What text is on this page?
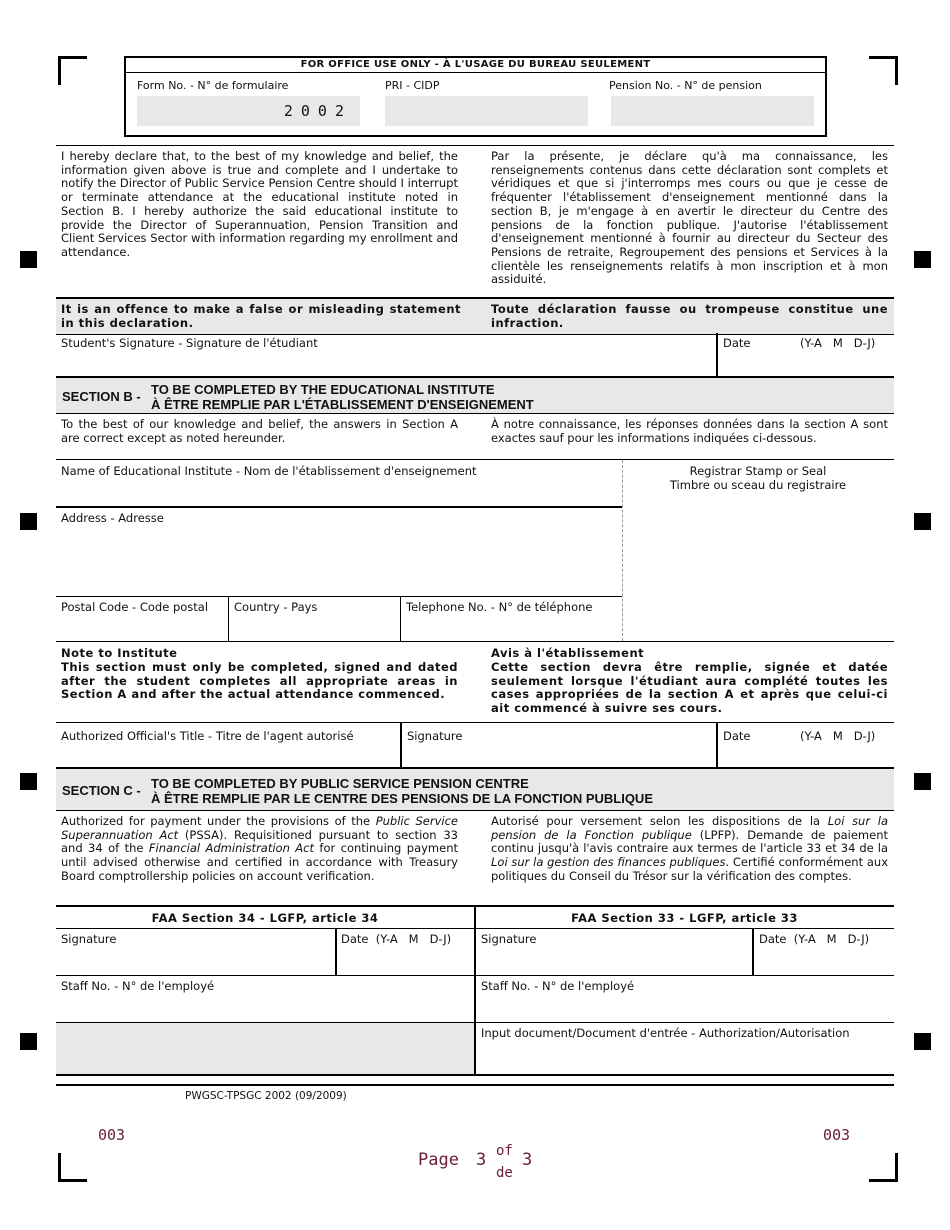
FOR OFFICE USE ONLY - À L'USAGE DU BUREAU SEULEMENT
Form No. - N° de formulaire	PRI - CIDP	Pension No. - N° de pension
2002
I hereby declare that, to the best of my knowledge and belief, the information given above is true and complete and I undertake to notify the Director of Public Service Pension Centre should I interrupt or terminate attendance at the educational institute noted in Section B. I hereby authorize the said educational institute to provide the Director of Superannuation, Pension Transition and Client Services Sector with information regarding my enrollment and attendance.
Par la présente, je déclare qu'à ma connaissance, les renseignements contenus dans cette déclaration sont complets et véridiques et que si j'interromps mes cours ou que je cesse de fréquenter l'établissement d'enseignement mentionné dans la section B, je m'engage à en avertir le directeur du Centre des pensions de la fonction publique. J'autorise l'établissement d'enseignement mentionné à fournir au directeur du Secteur des Pensions de retraite, Regroupement des pensions et Services à la clientèle les renseignements relatifs à mon inscription et à mon assiduité.
It is an offence to make a false or misleading statement in this declaration.
Toute déclaration fausse ou trompeuse constitue une infraction.
Student's Signature - Signature de l'étudiant	Date	(Y-A   M   D-J)
SECTION B - TO BE COMPLETED BY THE EDUCATIONAL INSTITUTE
À ÊTRE REMPLIE PAR L'ÉTABLISSEMENT D'ENSEIGNEMENT
To the best of our knowledge and belief, the answers in Section A are correct except as noted hereunder.
À notre connaissance, les réponses données dans la section A sont exactes sauf pour les informations indiquées ci-dessous.
Name of Educational Institute - Nom de l'établissement d'enseignement	Registrar Stamp or Seal
Timbre ou sceau du registraire
Address - Adresse
Postal Code - Code postal Country - Pays	Telephone No. - N° de téléphone
Note to Institute
This section must only be completed, signed and dated after the student completes all appropriate areas in Section A and after the actual attendance commenced.
Avis à l'établissement
Cette section devra être remplie, signée et datée seulement lorsque l'étudiant aura complété toutes les cases appropriées de la section A et après que celui-ci ait commencé à suivre ses cours.
Authorized Official's Title - Titre de l'agent autorisé	Signature	Date	(Y-A   M   D-J)
SECTION C - TO BE COMPLETED BY PUBLIC SERVICE PENSION CENTRE
À ÊTRE REMPLIE PAR LE CENTRE DES PENSIONS DE LA FONCTION PUBLIQUE
Authorized for payment under the provisions of the Public Service Superannuation Act (PSSA). Requisitioned pursuant to section 33 and 34 of the Financial Administration Act for continuing payment until advised otherwise and certified in accordance with Treasury Board comptrollership policies on account verification.
Autorisé pour versement selon les dispositions de la Loi sur la pension de la Fonction publique (LPFP). Demande de paiement continu jusqu'à l'avis contraire aux termes de l'article 33 et 34 de la Loi sur la gestion des finances publiques. Certifié conformément aux politiques du Conseil du Trésor sur la vérification des comptes.
FAA Section 34 - LGFP, article 34	FAA Section 33 - LGFP, article 33
Signature	Date  (Y-A   M   D-J)	Signature	Date  (Y-A   M   D-J)
Staff No. - N° de l'employé	Staff No. - N° de l'employé
Input document/Document d'entrée - Authorization/Autorisation
PWGSC-TPSGC 2002 (09/2009)
003	003
Page 3 of
de
3
